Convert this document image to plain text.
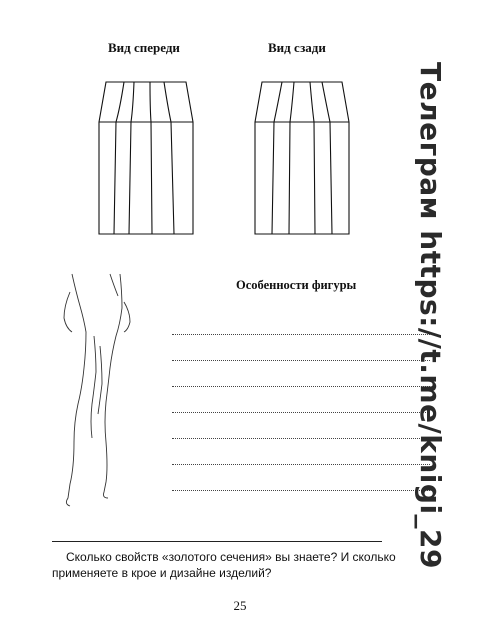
Вид спереди	Вид сзади
Особенности фигуры Телеграм https://t.me/knigi_29
Сколько свойств «золотого сечения» вы знаете? И сколько применяете в крое и дизайне изделий?
25
